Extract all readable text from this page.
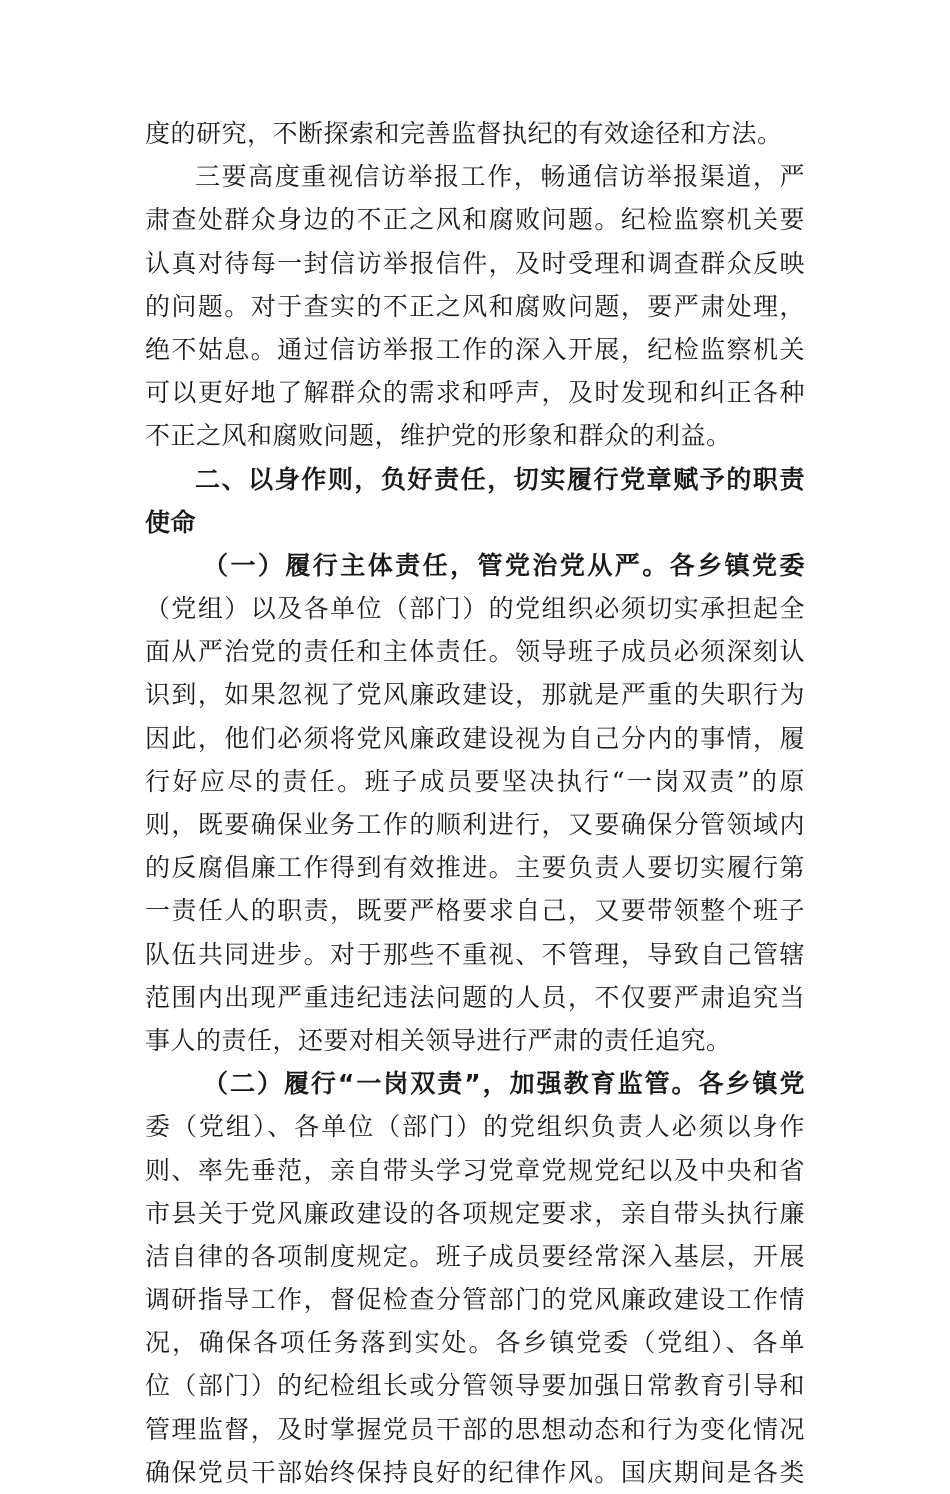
度的研究，不断探索和完善监督执纪的有效途径和方法。
三要高度重视信访举报工作，畅通信访举报渠道，严
肃查处群众身边的不正之风和腐败问题。纪检监察机关要
认真对待每一封信访举报信件，及时受理和调查群众反映
的问题。对于查实的不正之风和腐败问题，要严肃处理，
绝不姑息。通过信访举报工作的深入开展，纪检监察机关
可以更好地了解群众的需求和呼声，及时发现和纠正各种
不正之风和腐败问题，维护党的形象和群众的利益。
二、以身作则，负好责任，切实履行党章赋予的职责
使命
（一）履行主体责任，管党治党从严。各乡镇党委
（党组）以及各单位（部门）的党组织必须切实承担起全
面从严治党的责任和主体责任。领导班子成员必须深刻认
识到，如果忽视了党风廉政建设，那就是严重的失职行为
因此，他们必须将党风廉政建设视为自己分内的事情，履
行好应尽的责任。班子成员要坚决执行“一岗双责”的原
则，既要确保业务工作的顺利进行，又要确保分管领域内
的反腐倡廉工作得到有效推进。主要负责人要切实履行第
一责任人的职责，既要严格要求自己，又要带领整个班子
队伍共同进步。对于那些不重视、不管理，导致自己管辖
范围内出现严重违纪违法问题的人员，不仅要严肃追究当
事人的责任，还要对相关领导进行严肃的责任追究。
（二）履行“一岗双责”，加强教育监管。各乡镇党
委（党组）、各单位（部门）的党组织负责人必须以身作
则、率先垂范，亲自带头学习党章党规党纪以及中央和省
市县关于党风廉政建设的各项规定要求，亲自带头执行廉
洁自律的各项制度规定。班子成员要经常深入基层，开展
调研指导工作，督促检查分管部门的党风廉政建设工作情
况，确保各项任务落到实处。各乡镇党委（党组）、各单
位（部门）的纪检组长或分管领导要加强日常教育引导和
管理监督，及时掌握党员干部的思想动态和行为变化情况
确保党员干部始终保持良好的纪律作风。国庆期间是各类
